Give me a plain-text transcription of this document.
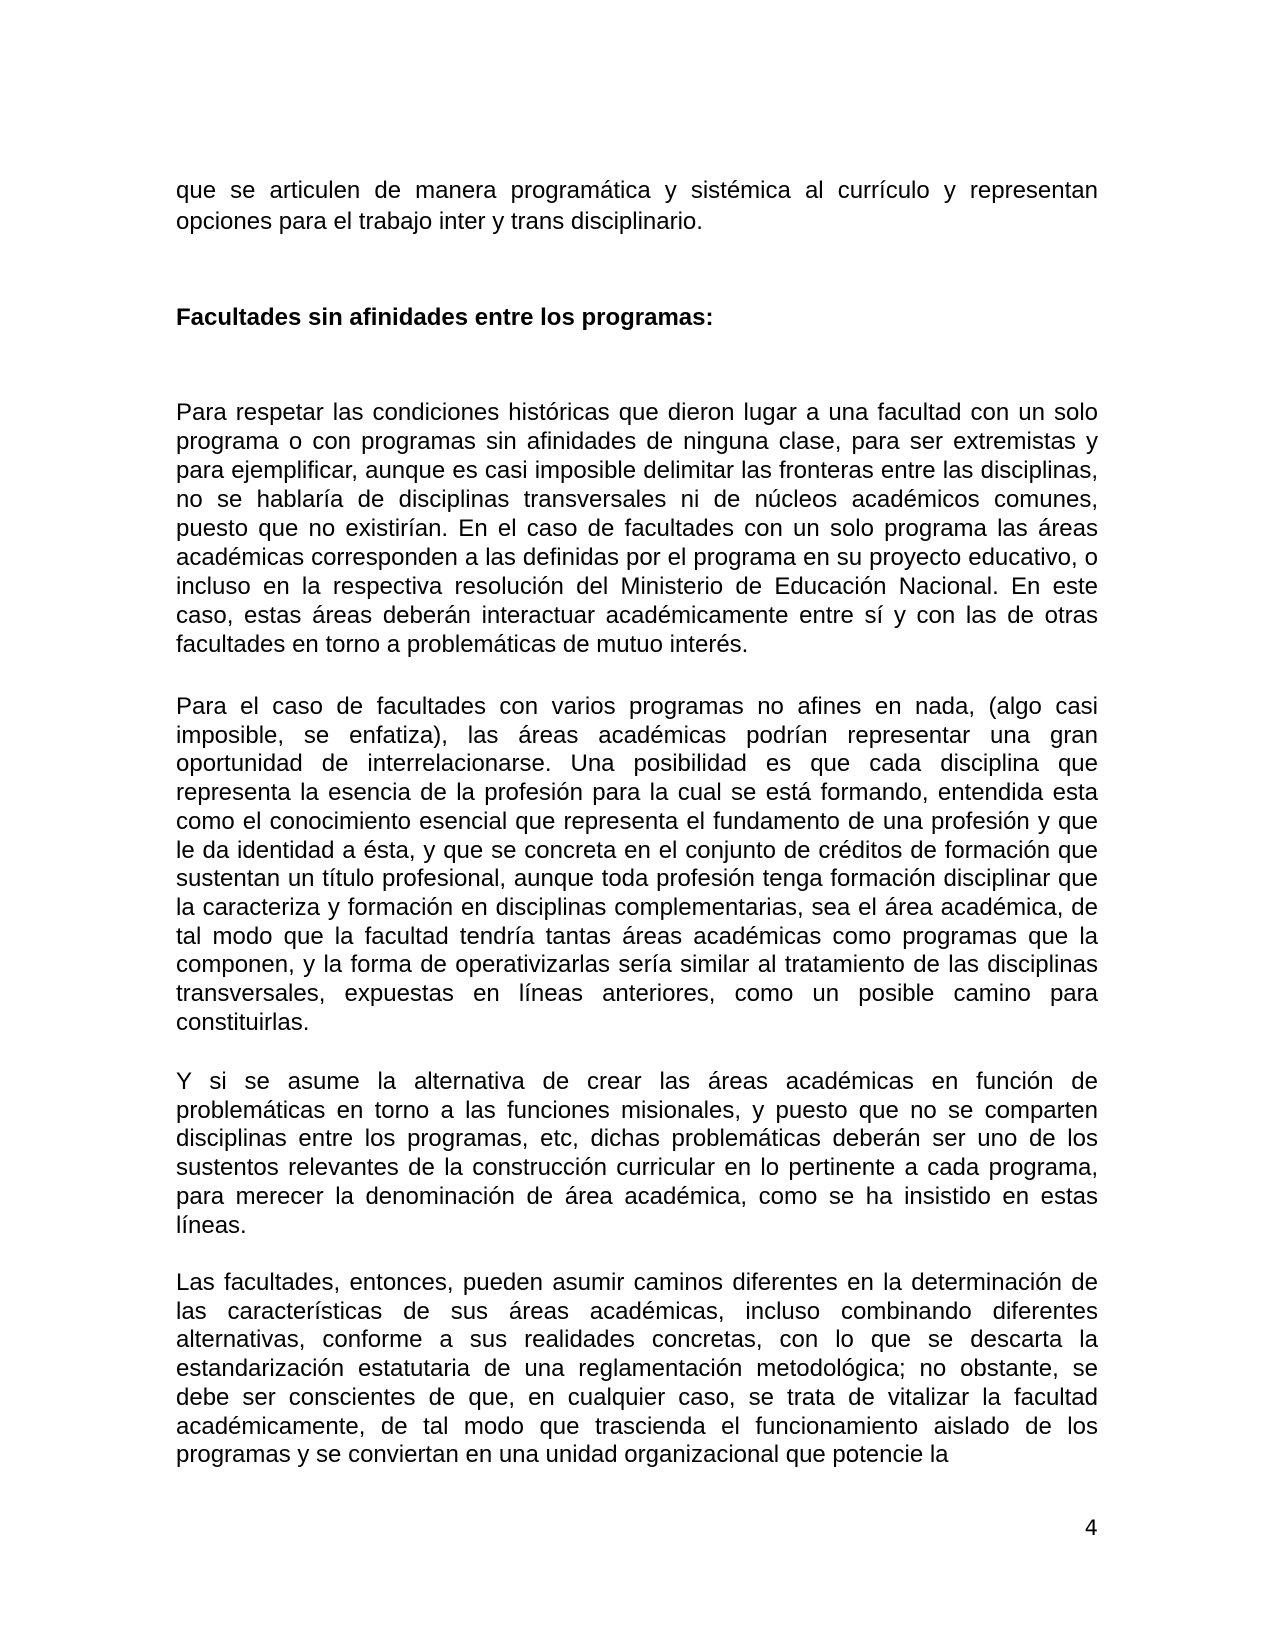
que se articulen de manera programática y sistémica al currículo y representan opciones para el trabajo inter y trans disciplinario.

Facultades sin afinidades entre los programas:

Para respetar las condiciones históricas que dieron lugar a una facultad con un solo programa o con programas sin afinidades de ninguna clase, para ser extremistas y para ejemplificar, aunque es casi imposible delimitar las fronteras entre las disciplinas, no se hablaría de disciplinas transversales ni de núcleos académicos comunes, puesto que no existirían. En el caso de facultades con un solo programa las áreas académicas corresponden a las definidas por el programa en su proyecto educativo, o incluso en la respectiva resolución del Ministerio de Educación Nacional. En este caso, estas áreas deberán interactuar académicamente entre sí y con las de otras facultades en torno a problemáticas de mutuo interés.

Para el caso de facultades con varios programas no afines en nada, (algo casi imposible, se enfatiza), las áreas académicas podrían representar una gran oportunidad de interrelacionarse. Una posibilidad es que cada disciplina que representa la esencia de la profesión para la cual se está formando, entendida esta como el conocimiento esencial que representa el fundamento de una profesión y que le da identidad a ésta, y que se concreta en el conjunto de créditos de formación que sustentan un título profesional, aunque toda profesión tenga formación disciplinar que la caracteriza y formación en disciplinas complementarias, sea el área académica, de tal modo que la facultad tendría tantas áreas académicas como programas que la componen, y la forma de operativizarlas sería similar al tratamiento de las disciplinas transversales, expuestas en líneas anteriores, como un posible camino para constituirlas.

Y si se asume la alternativa de crear las áreas académicas en función de problemáticas en torno a las funciones misionales, y puesto que no se comparten disciplinas entre los programas, etc, dichas problemáticas deberán ser uno de los sustentos relevantes de la construcción curricular en lo pertinente a cada programa, para merecer la denominación de área académica, como se ha insistido en estas líneas.

Las facultades, entonces, pueden asumir caminos diferentes en la determinación de las características de sus áreas académicas, incluso combinando diferentes alternativas, conforme a sus realidades concretas, con lo que se descarta la estandarización estatutaria de una reglamentación metodológica; no obstante, se debe ser conscientes de que, en cualquier caso, se trata de vitalizar la facultad académicamente, de tal modo que trascienda el funcionamiento aislado de los programas y se conviertan en una unidad organizacional que potencie la

4
